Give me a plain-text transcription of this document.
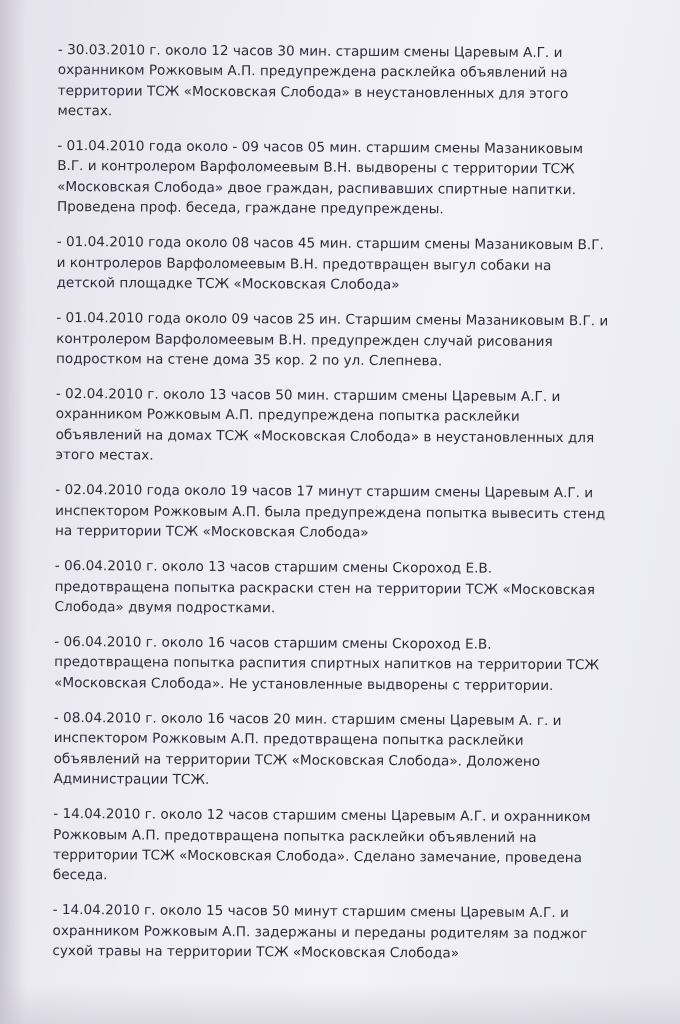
- 30.03.2010 г. около 12 часов 30 мин. старшим смены Царевым А.Г. и
охранником Рожковым А.П. предупреждена расклейка объявлений на
территории ТСЖ «Московская Слобода» в неустановленных для этого
местах.
- 01.04.2010 года около - 09 часов 05 мин. старшим смены Мазаниковым
В.Г. и контролером Варфоломеевым В.Н. выдворены с территории ТСЖ
«Московская Слобода» двое граждан, распивавших спиртные напитки.
Проведена проф. беседа, граждане предупреждены.
- 01.04.2010 года около 08 часов 45 мин. старшим смены Мазаниковым В.Г.
и контролеров Варфоломеевым В.Н. предотвращен выгул собаки на
детской площадке ТСЖ «Московская Слобода»
- 01.04.2010 года около 09 часов 25 ин. Старшим смены Мазаниковым В.Г. и
контролером Варфоломеевым В.Н. предупрежден случай рисования
подростком на стене дома 35 кор. 2 по ул. Слепнева.
- 02.04.2010 г. около 13 часов 50 мин. старшим смены Царевым А.Г. и
охранником Рожковым А.П. предупреждена попытка расклейки
объявлений на домах ТСЖ «Московская Слобода» в неустановленных для
этого местах.
- 02.04.2010 года около 19 часов 17 минут старшим смены Царевым А.Г. и
инспектором Рожковым А.П. была предупреждена попытка вывесить стенд
на территории ТСЖ «Московская Слобода»
- 06.04.2010 г. около 13 часов старшим смены Скороход Е.В.
предотвращена попытка раскраски стен на территории ТСЖ «Московская
Слобода» двумя подростками.
- 06.04.2010 г. около 16 часов старшим смены Скороход Е.В.
предотвращена попытка распития спиртных напитков на территории ТСЖ
«Московская Слобода». Не установленные выдворены с территории.
- 08.04.2010 г. около 16 часов 20 мин. старшим смены Царевым А. г. и
инспектором Рожковым А.П. предотвращена попытка расклейки
объявлений на территории ТСЖ «Московская Слобода». Доложено
Администрации ТСЖ.
- 14.04.2010 г. около 12 часов старшим смены Царевым А.Г. и охранником
Рожковым А.П. предотвращена попытка расклейки объявлений на
территории ТСЖ «Московская Слобода». Сделано замечание, проведена
беседа.
- 14.04.2010 г. около 15 часов 50 минут старшим смены Царевым А.Г. и
охранником Рожковым А.П. задержаны и переданы родителям за поджог
сухой травы на территории ТСЖ «Московская Слобода»
